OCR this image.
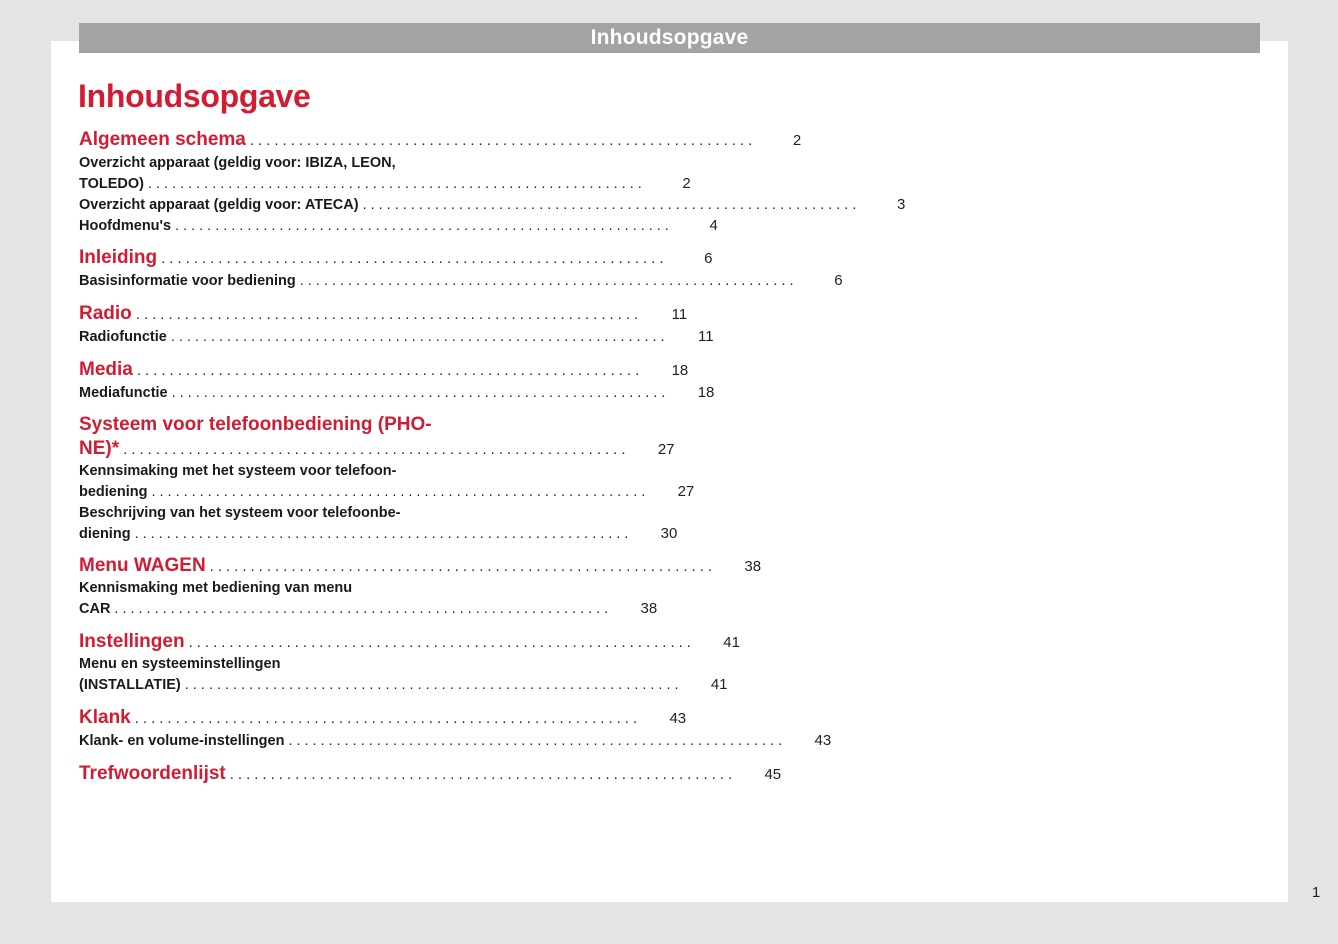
Inhoudsopgave
Inhoudsopgave
Algemeen schema ..............................................................	2
Overzicht apparaat (geldig voor: IBIZA, LEON,
TOLEDO) ..............................................................	2
Overzicht apparaat (geldig voor: ATECA) ..............................................................	3
Hoofdmenu's ..............................................................	4
Inleiding ..............................................................	6
Basisinformatie voor bediening ..............................................................	6
Radio ..............................................................	11
Radiofunctie ..............................................................	11
Media ..............................................................	18
Mediafunctie ..............................................................	18
Systeem voor telefoonbediening (PHO-
NE)* ..............................................................	27
Kennsimaking met het systeem voor telefoon-
bediening ..............................................................	27
Beschrijving van het systeem voor telefoonbe-
diening ..............................................................	30
Menu WAGEN ..............................................................	38
Kennismaking met bediening van menu
CAR ..............................................................	38
Instellingen ..............................................................	41
Menu en systeeminstellingen
(INSTALLATIE) ..............................................................	41
Klank ..............................................................	43
Klank- en volume-instellingen ..............................................................	43
Trefwoordenlijst ..............................................................	45
1
